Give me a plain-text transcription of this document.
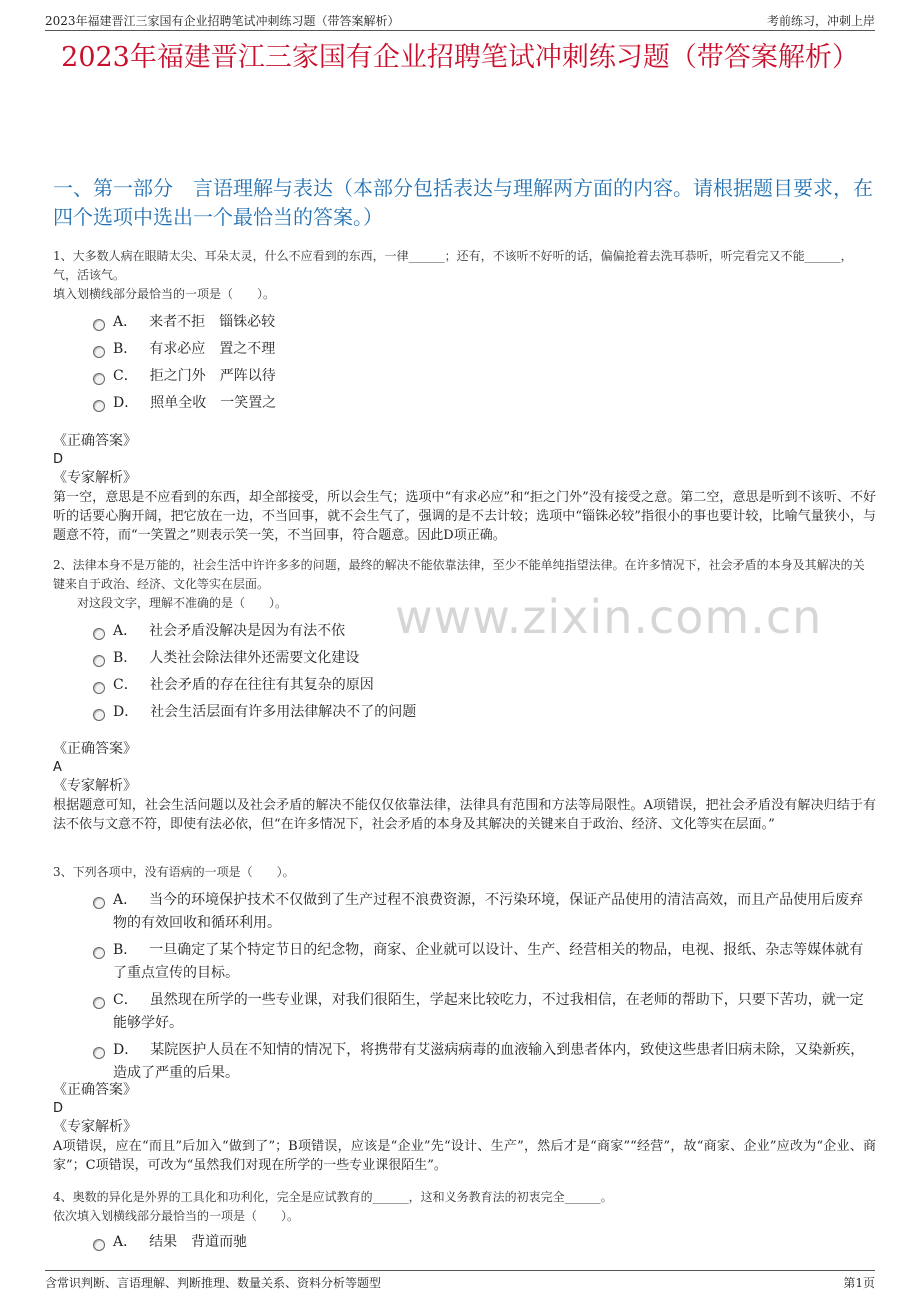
2023年福建晋江三家国有企业招聘笔试冲刺练习题（带答案解析）	考前练习，冲刺上岸
2023年福建晋江三家国有企业招聘笔试冲刺练习题（带答案解析）
一、第一部分　言语理解与表达（本部分包括表达与理解两方面的内容。请根据题目要求，在四个选项中选出一个最恰当的答案。）
www.zixin.com.cn
1、大多数人病在眼睛太尖、耳朵太灵，什么不应看到的东西，一律______；还有，不该听不好听的话，偏偏抢着去洗耳恭听，听完看完又不能______，气，活该气。
填入划横线部分最恰当的一项是（　　）。
A． 来者不拒　锱铢必较
B． 有求必应　置之不理
C． 拒之门外　严阵以待
D． 照单全收　一笑置之
《正确答案》
D
《专家解析》
第一空，意思是不应看到的东西，却全部接受，所以会生气；选项中“有求必应”和“拒之门外”没有接受之意。第二空，意思是听到不该听、不好听的话要心胸开阔，把它放在一边，不当回事，就不会生气了，强调的是不去计较；选项中“锱铢必较”指很小的事也要计较，比喻气量狭小，与题意不符，而“一笑置之”则表示笑一笑，不当回事，符合题意。因此D项正确。
2、法律本身不是万能的，社会生活中许许多多的问题，最终的解决不能依靠法律，至少不能单纯指望法律。在许多情况下，社会矛盾的本身及其解决的关键来自于政治、经济、文化等实在层面。
对这段文字，理解不准确的是（　　）。
A． 社会矛盾没解决是因为有法不依
B． 人类社会除法律外还需要文化建设
C． 社会矛盾的存在往往有其复杂的原因
D． 社会生活层面有许多用法律解决不了的问题
《正确答案》
A
《专家解析》
根据题意可知，社会生活问题以及社会矛盾的解决不能仅仅依靠法律，法律具有范围和方法等局限性。A项错误，把社会矛盾没有解决归结于有法不依与文意不符，即使有法必依，但“在许多情况下，社会矛盾的本身及其解决的关键来自于政治、经济、文化等实在层面。”
3、下列各项中，没有语病的一项是（　　）。
A． 当今的环境保护技术不仅做到了生产过程不浪费资源，不污染环境，保证产品使用的清洁高效，而且产品使用后废弃物的有效回收和循环利用。
B． 一旦确定了某个特定节日的纪念物，商家、企业就可以设计、生产、经营相关的物品，电视、报纸、杂志等媒体就有了重点宣传的目标。
C． 虽然现在所学的一些专业课，对我们很陌生，学起来比较吃力，不过我相信，在老师的帮助下，只要下苦功，就一定能够学好。
D． 某院医护人员在不知情的情况下，将携带有艾滋病病毒的血液输入到患者体内，致使这些患者旧病未除，又染新疾，造成了严重的后果。
《正确答案》
D
《专家解析》
A项错误，应在“而且”后加入“做到了”；B项错误，应该是“企业”先“设计、生产”，然后才是“商家”“经营”，故“商家、企业”应改为“企业、商家”；C项错误，可改为“虽然我们对现在所学的一些专业课很陌生”。
4、奥数的异化是外界的工具化和功利化，完全是应试教育的______，这和义务教育法的初衷完全______。
依次填入划横线部分最恰当的一项是（　　）。
A． 结果　背道而驰
含常识判断、言语理解、判断推理、数量关系、资料分析等题型	第1页
